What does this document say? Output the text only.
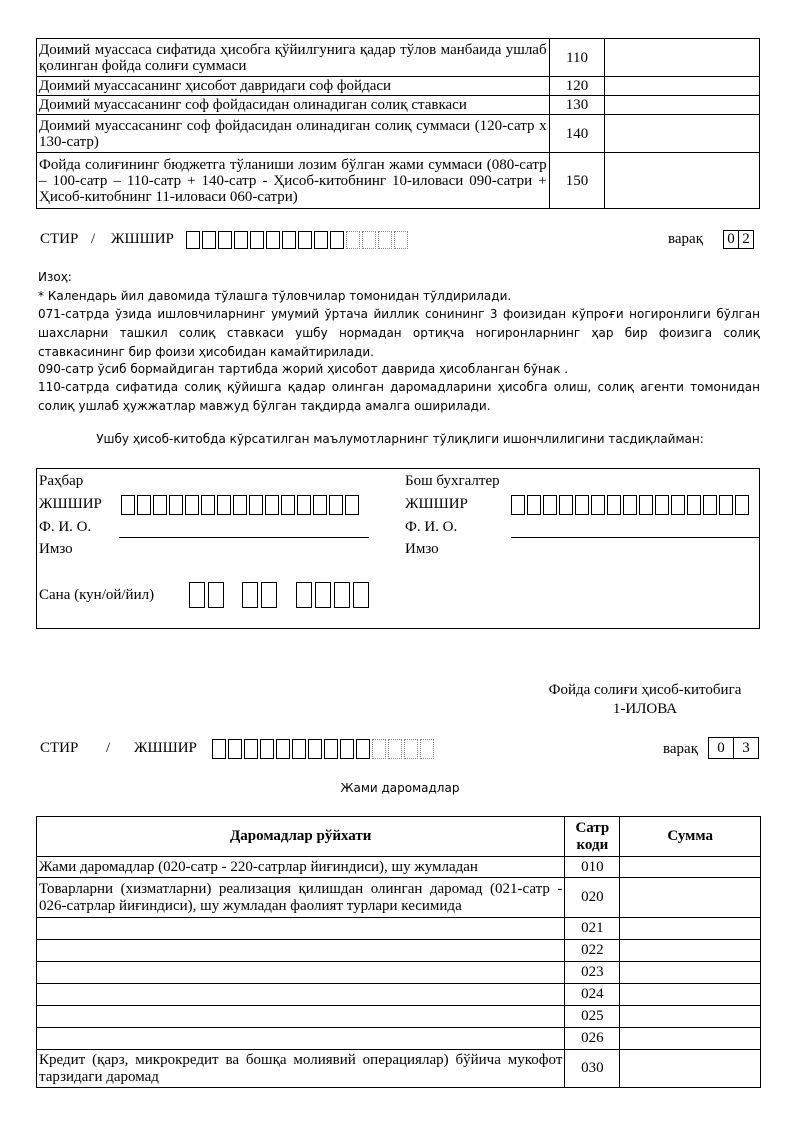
Доимий муассаса сифатида ҳисобга қўйилгунига қадар тўлов манбаида ушлаб қолинган фойда солиғи суммаси	110	
Доимий муассасанинг ҳисобот давридаги соф фойдаси	120	
Доимий муассасанинг соф фойдасидан олинадиган солиқ ставкаси	130	
Доимий муассасанинг соф фойдасидан олинадиган солиқ суммаси (120-сатр х 130-сатр)	140	
Фойда солиғининг бюджетга тўланиши лозим бўлган жами суммаси (080-сатр – 100-сатр – 110-сатр + 140-сатр - Ҳисоб-китобнинг 10-иловаси 090-сатри + Ҳисоб-китобнинг 11-иловаси 060-сатри)	150	
СТИР / ЖШШИР	варақ 0 2
Изоҳ:
* Календарь йил давомида тўлашга тўловчилар томонидан тўлдирилади.
071-сатрда ўзида ишловчиларнинг умумий ўртача йиллик сонининг 3 фоизидан кўпроғи ногиронлиги бўлган шахсларни ташкил солиқ ставкаси ушбу нормадан ортиқча ногиронларнинг ҳар бир фоизига солиқ ставкасининг бир фоизи ҳисобидан камайтирилади.
090-сатр ўсиб бормайдиган тартибда жорий ҳисобот даврида ҳисобланган бўнак .
110-сатрда сифатида солиқ қўйишга қадар олинган даромадларини ҳисобга олиш, солиқ агенти томонидан солиқ ушлаб ҳужжатлар мавжуд бўлган тақдирда амалга оширилади.
Ушбу ҳисоб-китобда кўрсатилган маълумотларнинг тўлиқлиги ишончлилигини тасдиқлайман:
Раҳбар
ЖШШИР
Ф. И. О.
Имзо
Бош бухгалтер
ЖШШИР
Ф. И. О.
Имзо
Сана (кун/ой/йил)
Фойда солиғи ҳисоб-китобига
1-ИЛОВА
СТИР / ЖШШИР	варақ	0	3
Жами даромадлар
Даромадлар рўйхати	Сатр коди	Сумма
Жами даромадлар (020-сатр - 220-сатрлар йиғиндиси), шу жумладан	010	
Товарларни (хизматларни) реализация қилишдан олинган даромад (021-сатр - 026-сатрлар йиғиндиси), шу жумладан фаолият турлари кесимида	020	
	021	
	022	
	023	
	024	
	025	
	026	
Кредит (қарз, микрокредит ва бошқа молиявий операциялар) бўйича мукофот тарзидаги даромад	030	
